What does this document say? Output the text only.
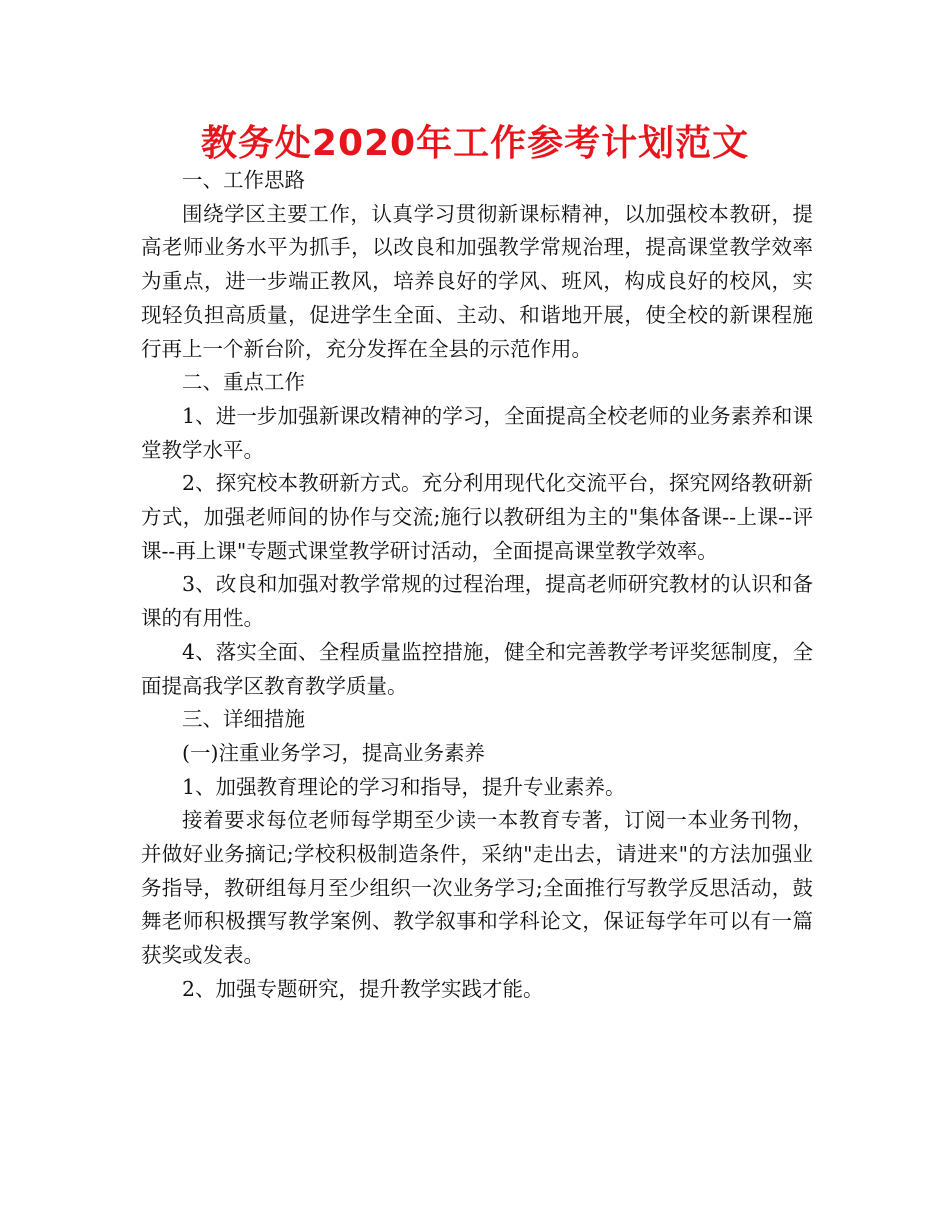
教务处2020年工作参考计划范文

一、工作思路

围绕学区主要工作，认真学习贯彻新课标精神，以加强校本教研，提高老师业务水平为抓手，以改良和加强教学常规治理，提高课堂教学效率为重点，进一步端正教风，培养良好的学风、班风，构成良好的校风，实现轻负担高质量，促进学生全面、主动、和谐地开展，使全校的新课程施行再上一个新台阶，充分发挥在全县的示范作用。

二、重点工作

1、进一步加强新课改精神的学习，全面提高全校老师的业务素养和课堂教学水平。

2、探究校本教研新方式。充分利用现代化交流平台，探究网络教研新方式，加强老师间的协作与交流;施行以教研组为主的"集体备课--上课--评课--再上课"专题式课堂教学研讨活动，全面提高课堂教学效率。

3、改良和加强对教学常规的过程治理，提高老师研究教材的认识和备课的有用性。

4、落实全面、全程质量监控措施，健全和完善教学考评奖惩制度，全面提高我学区教育教学质量。

三、详细措施

(一)注重业务学习，提高业务素养

1、加强教育理论的学习和指导，提升专业素养。

接着要求每位老师每学期至少读一本教育专著，订阅一本业务刊物，并做好业务摘记;学校积极制造条件，采纳"走出去，请进来"的方法加强业务指导，教研组每月至少组织一次业务学习;全面推行写教学反思活动，鼓舞老师积极撰写教学案例、教学叙事和学科论文，保证每学年可以有一篇获奖或发表。

2、加强专题研究，提升教学实践才能。
